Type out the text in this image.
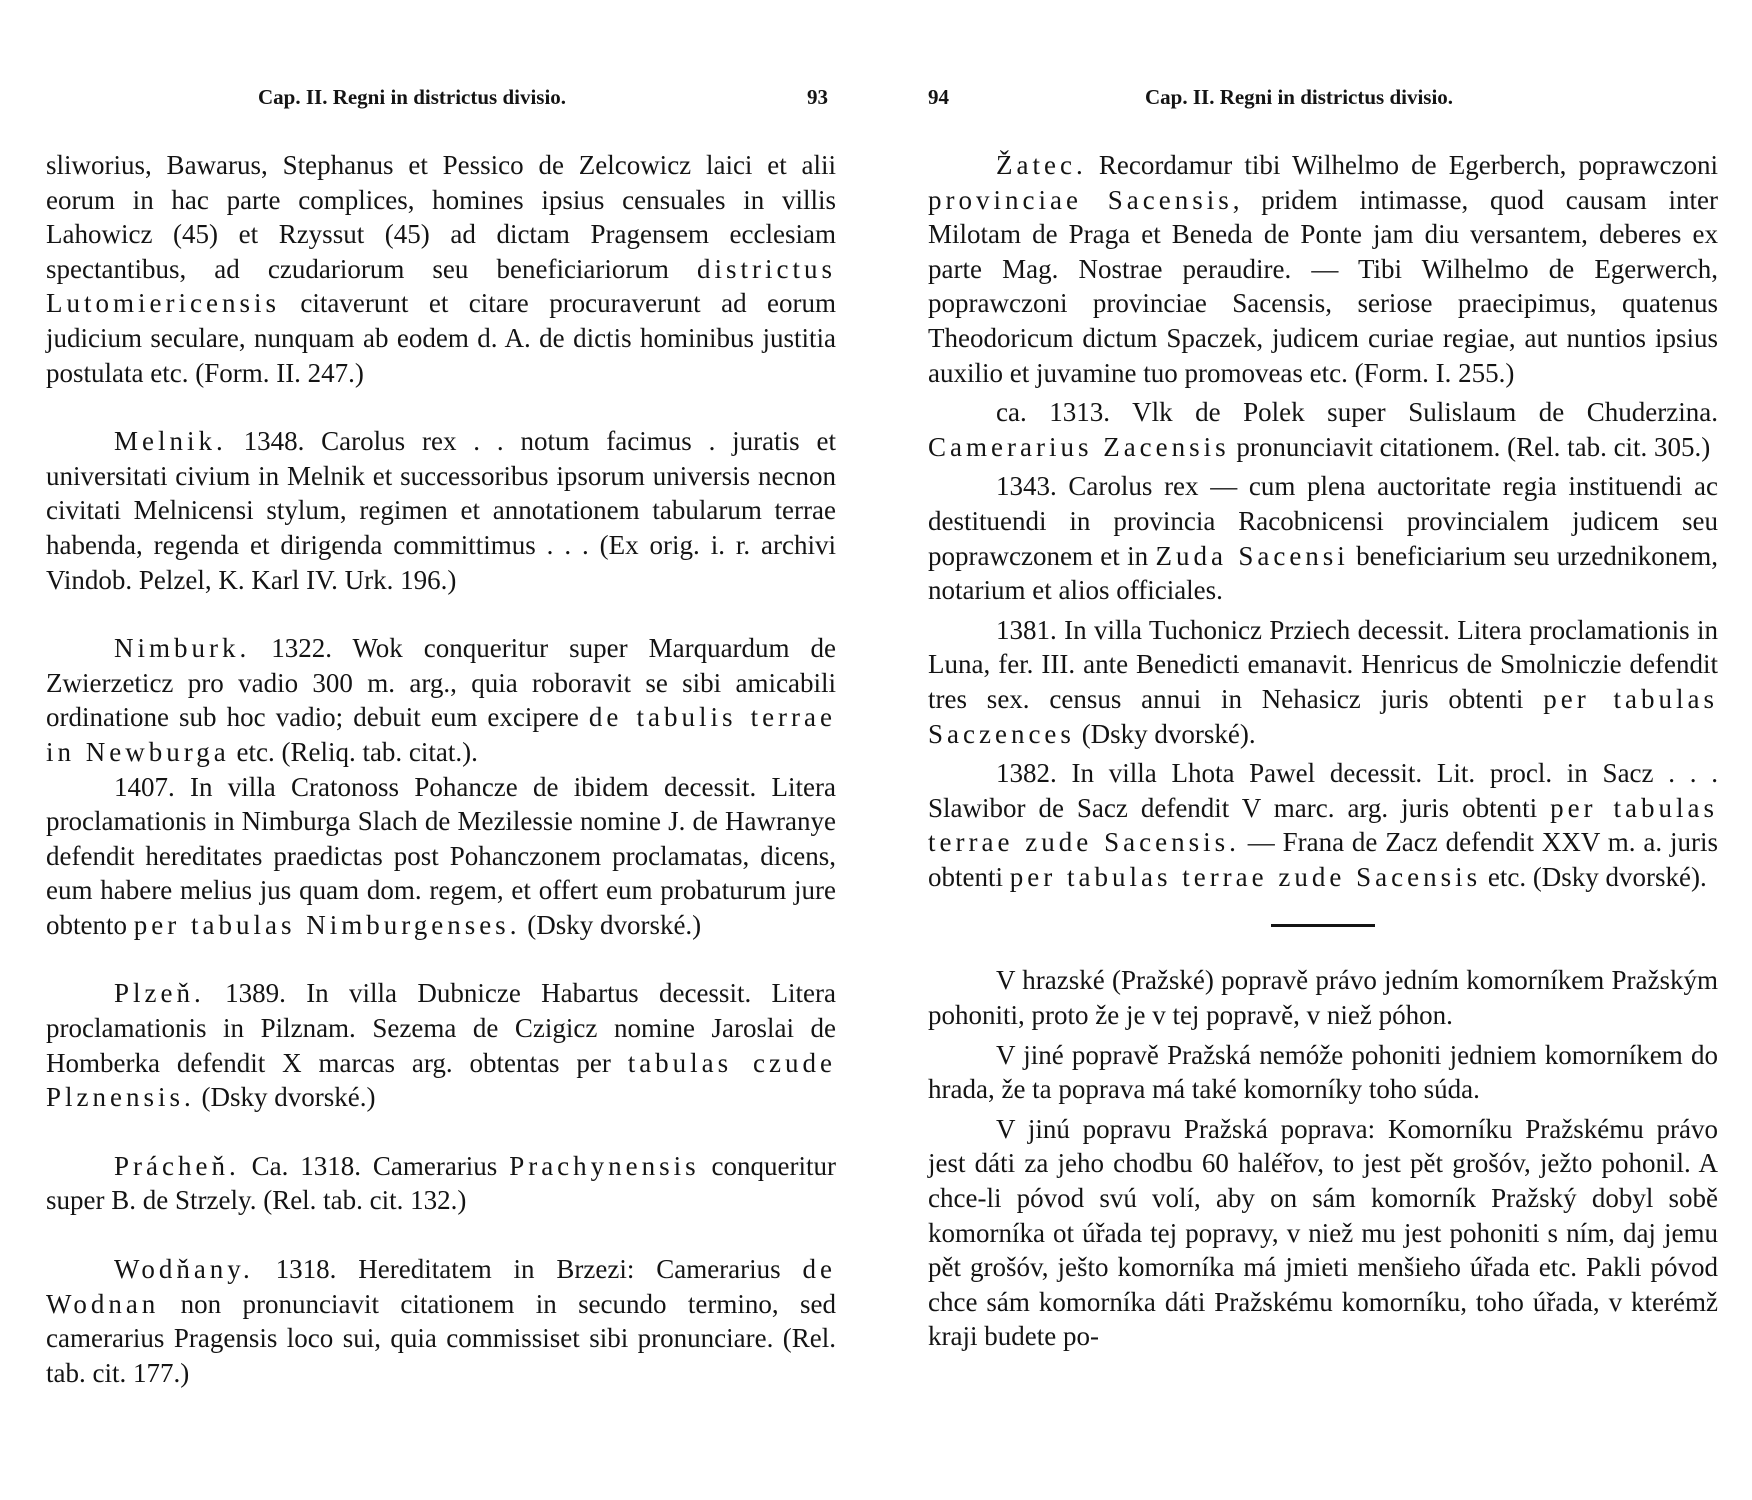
Cap. II. Regni in districtus divisio.	93

sliworius, Bawarus, Stephanus et Pessico de Zelcowicz laici et alii eorum in hac parte complices, homines ipsius censuales in villis Lahowicz (45) et Rzyssut (45) ad dictam Pragensem ecclesiam spectantibus, ad czudariorum seu beneficiariorum districtus Lutomiericensis citaverunt et citare procuraverunt ad eorum judicium seculare, nunquam ab eodem d. A. de dictis hominibus justitia postulata etc. (Form. II. 247.)

Melnik. 1348. Carolus rex . . notum facimus . juratis et universitati civium in Melnik et successoribus ipsorum universis necnon civitati Melnicensi stylum, regimen et annotationem tabularum terrae habenda, regenda et dirigenda committimus . . . (Ex orig. i. r. archivi Vindob. Pelzel, K. Karl IV. Urk. 196.)

Nimburk. 1322. Wok conqueritur super Marquardum de Zwierzeticz pro vadio 300 m. arg., quia roboravit se sibi amicabili ordinatione sub hoc vadio; debuit eum excipere de tabulis terrae in Newburga etc. (Reliq. tab. citat.).

1407. In villa Cratonoss Pohancze de ibidem decessit. Litera proclamationis in Nimburga Slach de Mezilessie nomine J. de Hawranye defendit hereditates praedictas post Pohanczonem proclamatas, dicens, eum habere melius jus quam dom. regem, et offert eum probaturum jure obtento per tabulas Nimburgenses. (Dsky dvorské.)

Plzeň. 1389. In villa Dubnicze Habartus decessit. Litera proclamationis in Pilznam. Sezema de Czigicz nomine Jaroslai de Homberka defendit X marcas arg. obtentas per tabulas czude Plznensis. (Dsky dvorské.)

Prácheň. Ca. 1318. Camerarius Prachynensis conqueritur super B. de Strzely. (Rel. tab. cit. 132.)

Wodňany. 1318. Hereditatem in Brzezi: Camerarius de Wodnan non pronunciavit citationem in secundo termino, sed camerarius Pragensis loco sui, quia commissiset sibi pronunciare. (Rel. tab. cit. 177.)

94	Cap. II. Regni in districtus divisio.

Žatec. Recordamur tibi Wilhelmo de Egerberch, poprawczoni provinciae Sacensis, pridem intimasse, quod causam inter Milotam de Praga et Beneda de Ponte jam diu versantem, deberes ex parte Mag. Nostrae peraudire. — Tibi Wilhelmo de Egerwerch, poprawczoni provinciae Sacensis, seriose praecipimus, quatenus Theodoricum dictum Spaczek, judicem curiae regiae, aut nuntios ipsius auxilio et juvamine tuo promoveas etc. (Form. I. 255.)

ca. 1313. Vlk de Polek super Sulislaum de Chuderzina. Camerarius Zacensis pronunciavit citationem. (Rel. tab. cit. 305.)

1343. Carolus rex — cum plena auctoritate regia instituendi ac destituendi in provincia Racobnicensi provincialem judicem seu poprawczonem et in Zuda Sacensi beneficiarium seu urzednikonem, notarium et alios officiales.

1381. In villa Tuchonicz Prziech decessit. Litera proclamationis in Luna, fer. III. ante Benedicti emanavit. Henricus de Smolniczie defendit tres sex. census annui in Nehasicz juris obtenti per tabulas Saczences (Dsky dvorské).

1382. In villa Lhota Pawel decessit. Lit. procl. in Sacz . . . Slawibor de Sacz defendit V marc. arg. juris obtenti per tabulas terrae zude Sacensis. — Frana de Zacz defendit XXV m. a. juris obtenti per tabulas terrae zude Sacensis etc. (Dsky dvorské).

V hrazské (Pražské) popravě právo jedním komorníkem Pražským pohoniti, proto že je v tej popravě, v niež póhon.

V jiné popravě Pražská nemóže pohoniti jedniem komorníkem do hrada, že ta poprava má také komorníky toho súda.

V jinú popravu Pražská poprava: Komorníku Pražskému právo jest dáti za jeho chodbu 60 haléřov, to jest pět grošóv, ježto pohonil. A chce-li póvod svú volí, aby on sám komorník Pražský dobyl sobě komorníka ot úřada tej popravy, v niež mu jest pohoniti s ním, daj jemu pět grošóv, ješto komorníka má jmieti menšieho úřada etc. Pakli póvod chce sám komorníka dáti Pražskému komorníku, toho úřada, v kterémž kraji budete po-
